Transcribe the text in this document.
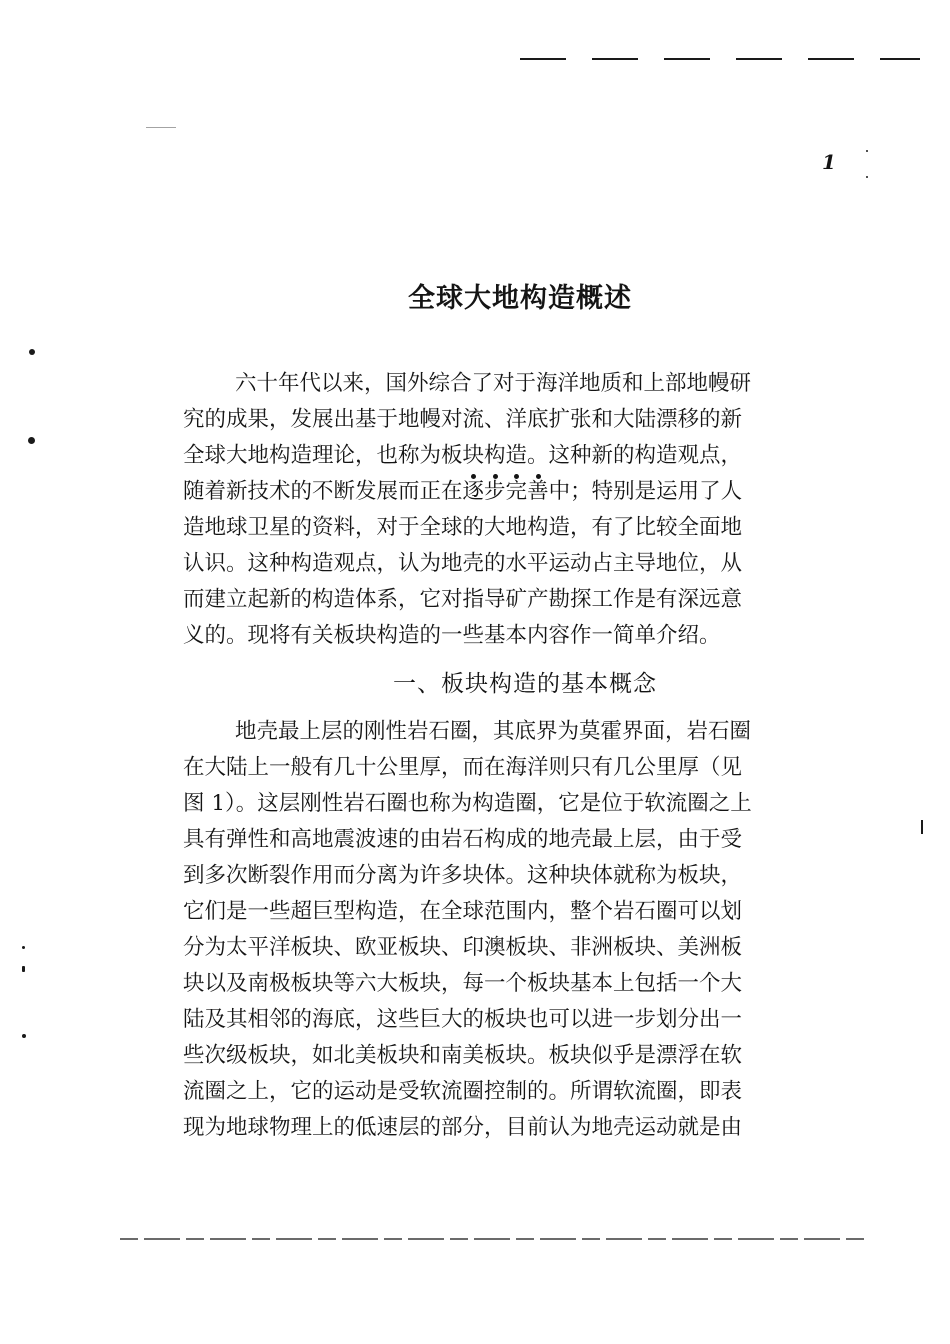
1
全球大地构造概述
六十年代以来，国外综合了对于海洋地质和上部地幔研
究的成果，发展出基于地幔对流、洋底扩张和大陆漂移的新
全球大地构造理论，也称为板块构造。这种新的构造观点，
随着新技术的不断发展而正在逐步完善中；特别是运用了人
造地球卫星的资料，对于全球的大地构造，有了比较全面地
认识。这种构造观点，认为地壳的水平运动占主导地位，从
而建立起新的构造体系，它对指导矿产勘探工作是有深远意
义的。现将有关板块构造的一些基本内容作一简单介绍。
一、板块构造的基本概念
地壳最上层的刚性岩石圈，其底界为莫霍界面，岩石圈
在大陆上一般有几十公里厚，而在海洋则只有几公里厚（见
图 1）。这层刚性岩石圈也称为构造圈，它是位于软流圈之上
具有弹性和高地震波速的由岩石构成的地壳最上层，由于受
到多次断裂作用而分离为许多块体。这种块体就称为板块，
它们是一些超巨型构造，在全球范围内，整个岩石圈可以划
分为太平洋板块、欧亚板块、印澳板块、非洲板块、美洲板
块以及南极板块等六大板块，每一个板块基本上包括一个大
陆及其相邻的海底，这些巨大的板块也可以进一步划分出一
些次级板块，如北美板块和南美板块。板块似乎是漂浮在软
流圈之上，它的运动是受软流圈控制的。所谓软流圈，即表
现为地球物理上的低速层的部分，目前认为地壳运动就是由
